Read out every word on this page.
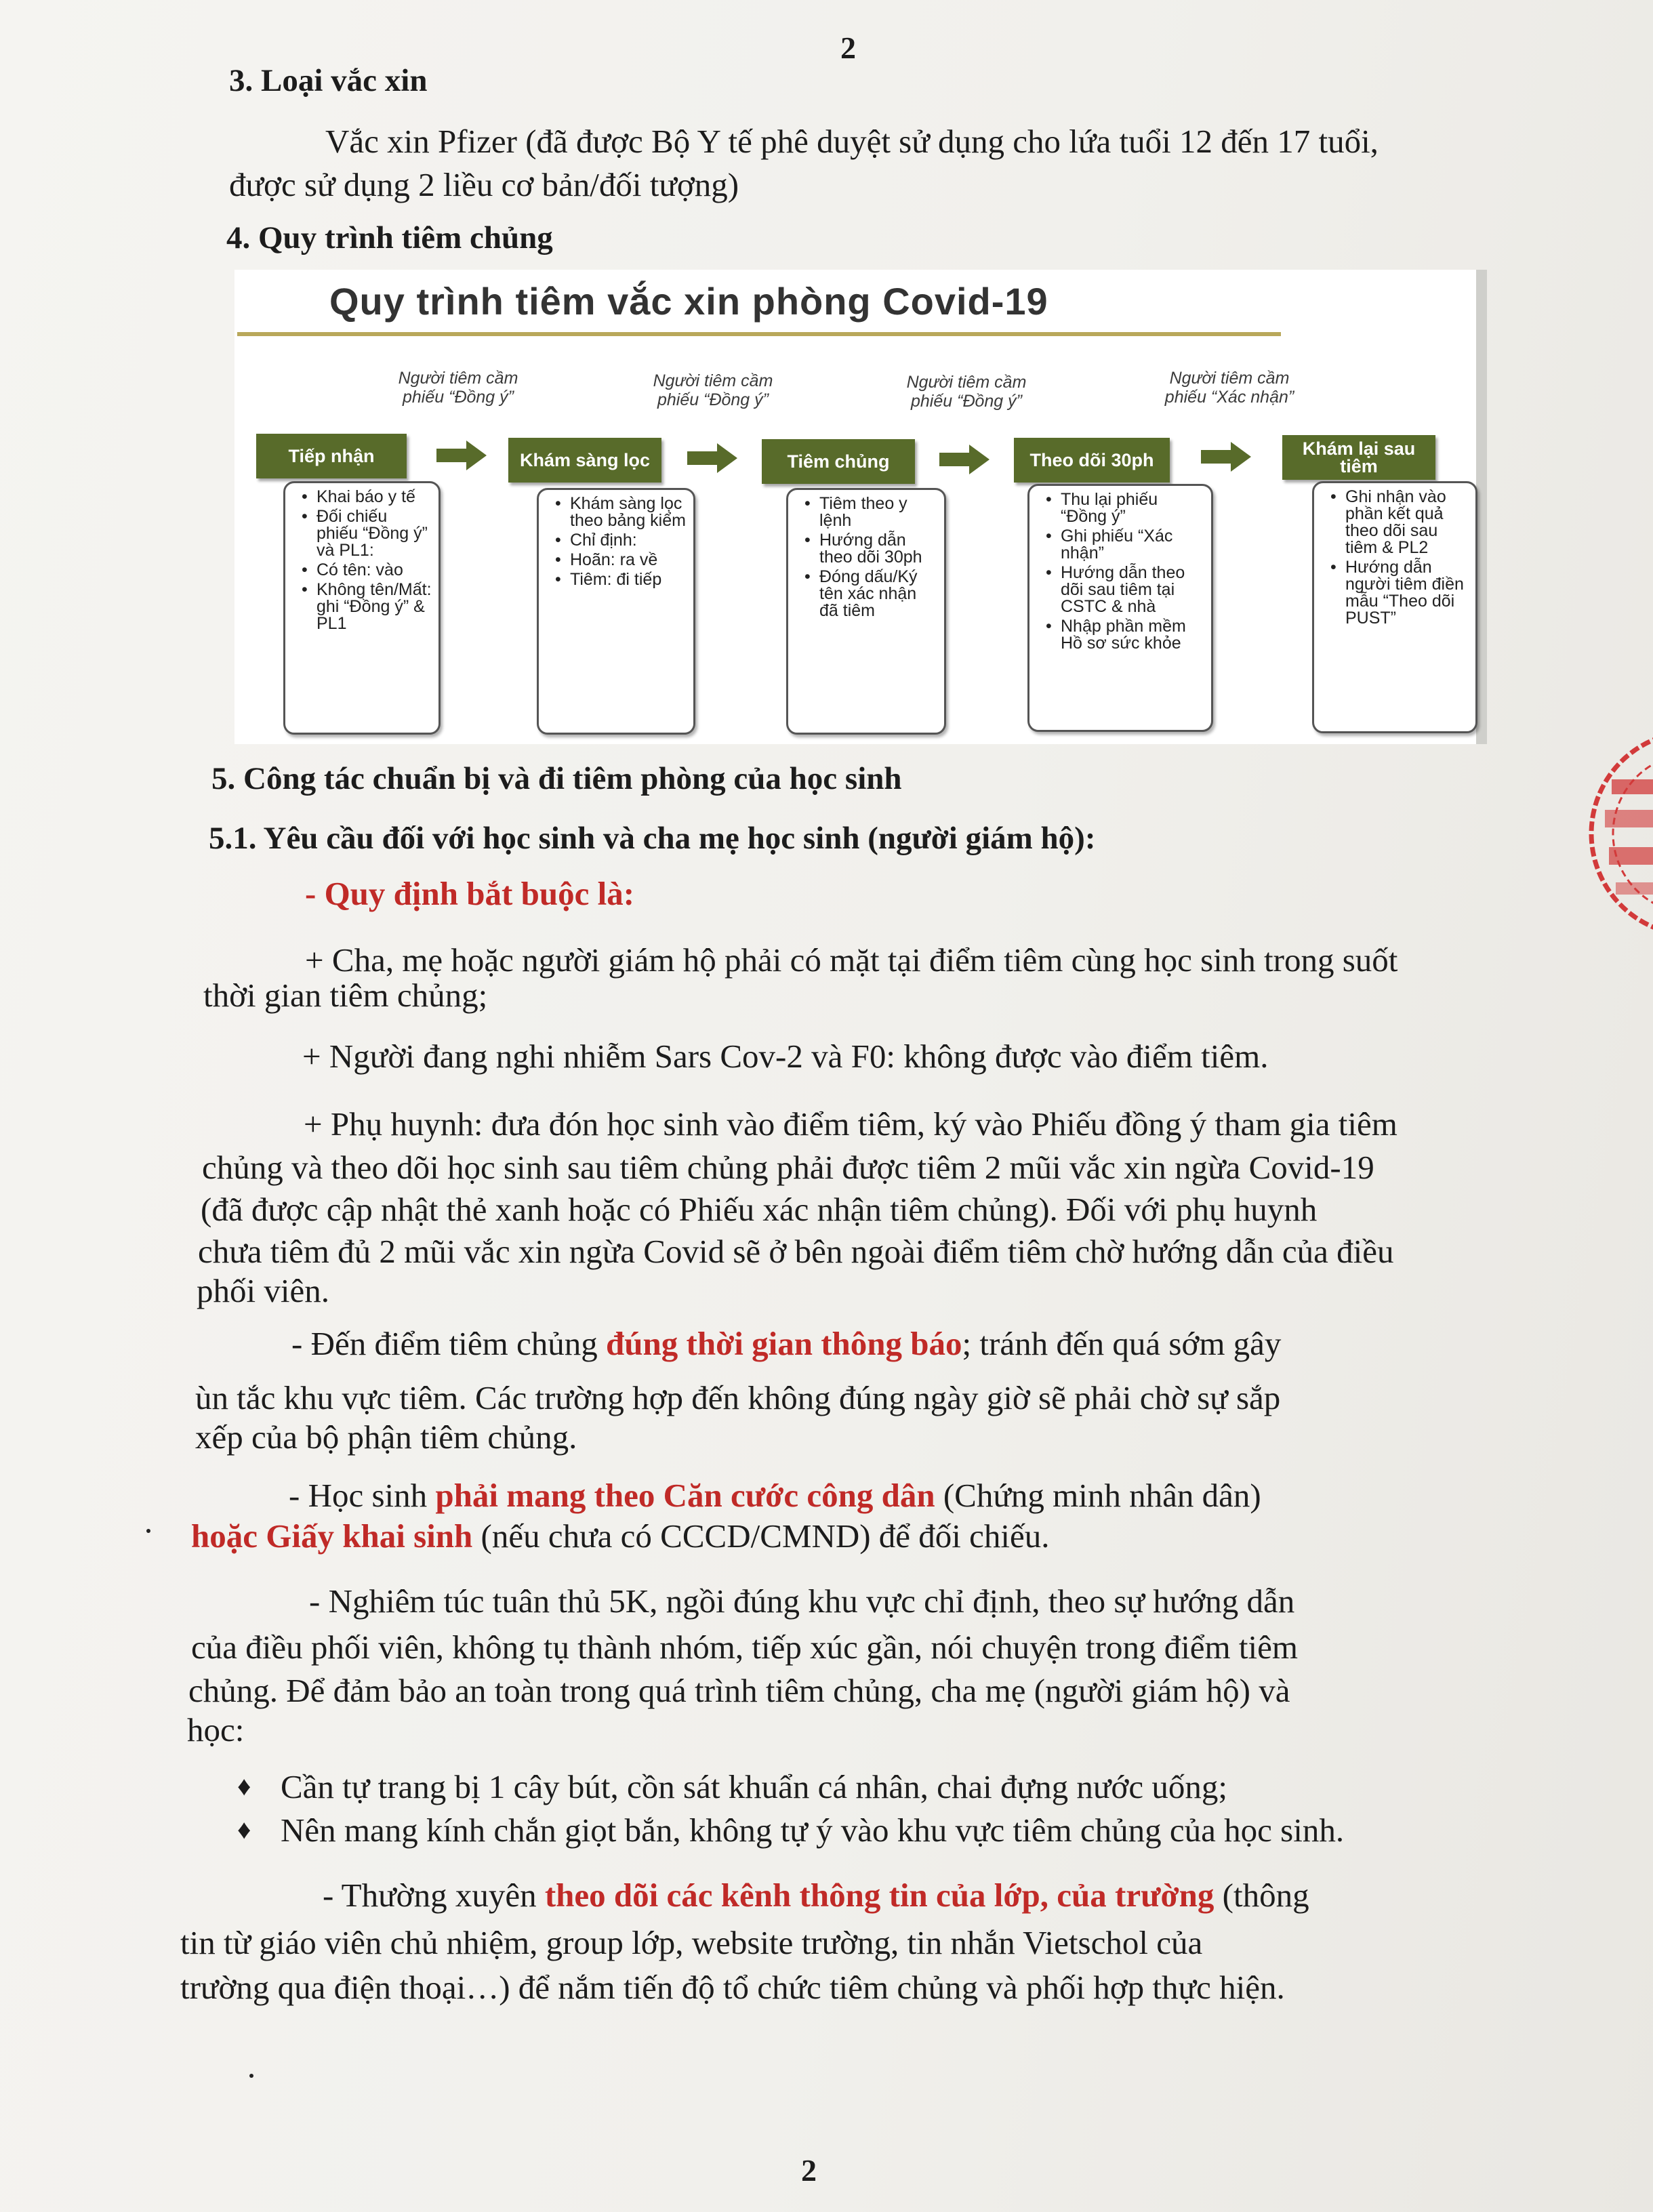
2
3. Loại vắc xin
Vắc xin Pfizer (đã được Bộ Y tế phê duyệt sử dụng cho lứa tuổi 12 đến 17 tuổi,
được sử dụng 2 liều cơ bản/đối tượng)
4. Quy trình tiêm chủng
Quy trình tiêm vắc xin phòng Covid-19
Người tiêm cầm phiếu “Đồng ý”
Người tiêm cầm phiếu “Đồng ý”
Người tiêm cầm phiếu “Đồng ý”
Người tiêm cầm phiếu “Xác nhận”
Tiếp nhận	Khám sàng lọc	Tiêm chủng	Theo dõi 30ph
Khám lại sau tiêm
• Khai báo y tế
• Đối chiếu phiếu “Đồng ý” và PL1:
• Có tên: vào
• Không tên/Mất: ghi “Đồng ý” & PL1
• Khám sàng lọc theo bảng kiểm
• Chỉ định:
• Hoãn: ra về
• Tiêm: đi tiếp
• Tiêm theo y lệnh
• Hướng dẫn theo dõi 30ph
• Đóng dấu/Ký tên xác nhận đã tiêm
• Thu lại phiếu “Đồng ý”
• Ghi phiếu “Xác nhận”
• Hướng dẫn theo dõi sau tiêm tại CSTC & nhà
• Nhập phần mềm Hồ sơ sức khỏe
• Ghi nhận vào phần kết quả theo dõi sau tiêm & PL2
• Hướng dẫn người tiêm điền mẫu “Theo dõi PUST”
5. Công tác chuẩn bị và đi tiêm phòng của học sinh
5.1. Yêu cầu đối với học sinh và cha mẹ học sinh (người giám hộ):
- Quy định bắt buộc là:
+ Cha, mẹ hoặc người giám hộ phải có mặt tại điểm tiêm cùng học sinh trong suốt
thời gian tiêm chủng;
+ Người đang nghi nhiễm Sars Cov-2 và F0: không được vào điểm tiêm.
+ Phụ huynh: đưa đón học sinh vào điểm tiêm, ký vào Phiếu đồng ý tham gia tiêm
chủng và theo dõi học sinh sau tiêm chủng phải được tiêm 2 mũi vắc xin ngừa Covid-19
(đã được cập nhật thẻ xanh hoặc có Phiếu xác nhận tiêm chủng). Đối với phụ huynh
chưa tiêm đủ 2 mũi vắc xin ngừa Covid sẽ ở bên ngoài điểm tiêm chờ hướng dẫn của điều
phối viên.
- Đến điểm tiêm chủng đúng thời gian thông báo; tránh đến quá sớm gây
ùn tắc khu vực tiêm. Các trường hợp đến không đúng ngày giờ sẽ phải chờ sự sắp
xếp của bộ phận tiêm chủng.
- Học sinh phải mang theo Căn cước công dân (Chứng minh nhân dân)
hoặc Giấy khai sinh (nếu chưa có CCCD/CMND) để đối chiếu.
- Nghiêm túc tuân thủ 5K, ngồi đúng khu vực chỉ định, theo sự hướng dẫn
của điều phối viên, không tụ thành nhóm, tiếp xúc gần, nói chuyện trong điểm tiêm
chủng. Để đảm bảo an toàn trong quá trình tiêm chủng, cha mẹ (người giám hộ) và
học:
♦ Cần tự trang bị 1 cây bút, cồn sát khuẩn cá nhân, chai đựng nước uống;
♦ Nên mang kính chắn giọt bắn, không tự ý vào khu vực tiêm chủng của học sinh.
- Thường xuyên theo dõi các kênh thông tin của lớp, của trường (thông
tin từ giáo viên chủ nhiệm, group lớp, website trường, tin nhắn Vietschol của
trường qua điện thoại…) để nắm tiến độ tổ chức tiêm chủng và phối hợp thực hiện.
2
